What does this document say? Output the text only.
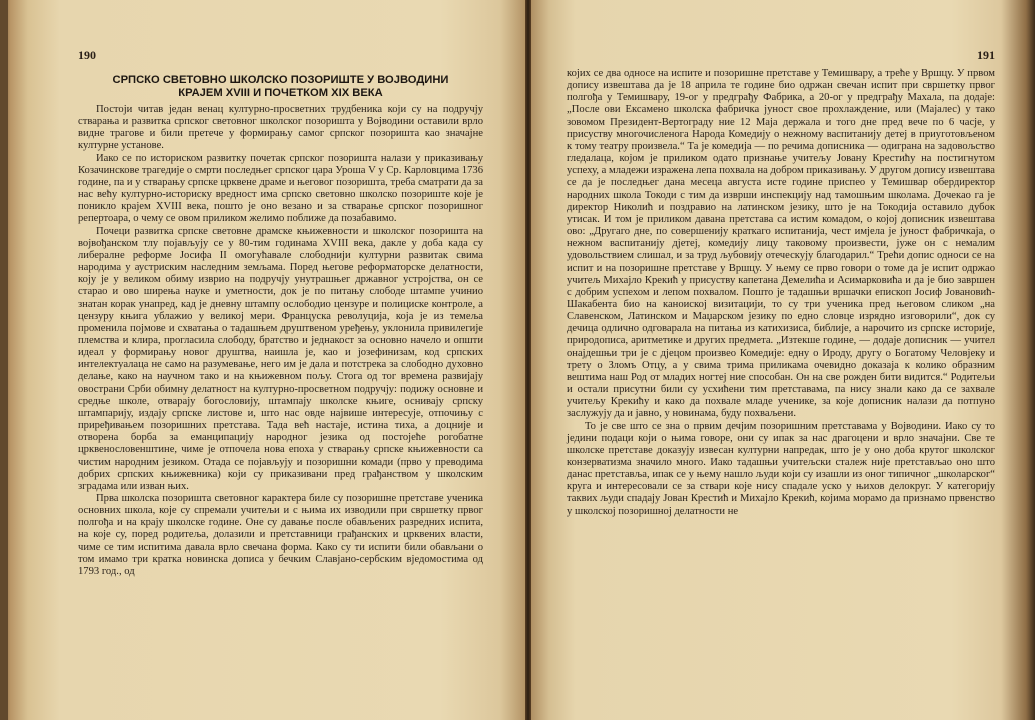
190
СРПСКО СВЕТОВНО ШКОЛСКО ПОЗОРИШТЕ У ВОЈВОДИНИ
КРАЈЕМ XVIII И ПОЧЕТКОМ XIX ВЕКА

Постоји читав један венац културно-просветних трудбеника који су на подручју стварања и развитка српског световног школског позоришта у Војводини оставили врло видне трагове и били претече у формирању самог српског позоришта као значајне културне установе.

Иако се по историском развитку почетак српског позоришта налази у приказивању Козачинскове трагедије о смрти последњег српског цара Уроша V у Ср. Карловцима 1736 године, па и у стварању српске црквене драме и његовог позоришта, треба сматрати да за нас већу културно-историску вредност има српско световно школско позориште које је поникло крајем XVIII века, пошто је оно везано и за стварање српског позоришног репертоара, о чему се овом приликом желимо поближе да позабавимо.

Почеци развитка српске световне драмске књижевности и школског позоришта на војвођанском тлу појављују се у 80-тим годинама XVIII века, дакле у доба када су либералне реформе Јосифа II омогућавале слободнији културни развитак свима народима у аустриским наследним земљама. Поред његове реформаторске делатности, коју је у великом обиму изврио на подручју унутрашњег државног устројства, он се старао и ово ширења науке и уметности, док је по питању слободе штампе учинио знатан корак унапред, кад је дневну штампу ослободио цензуре и полициске контроле, а цензуру књига ублажио у великој мери. Француска револуција, која је из темеља променила појмове и схватања о тадашњем друштвеном уређењу, уклонила привилегије племства и клира, прогласила слободу, братство и једнакост за основно начело и општи идеал у формирању новог друштва, наишла је, као и јозефинизам, код српских интелектуалаца не само на разумевање, него им је дала и потстрека за слободно духовно делање, како на научном тако и на књижевном пољу. Стога од тог времена развијају овострани Срби обимну делатност на културно-просветном подручју: подижу основне и средње школе, отварају богословију, штампају школске књиге, оснивају српску штампарију, издају српске листове и, што нас овде највише интересује, отпочињу с приређивањем позоришних претстава. Тада већ настаје, истина тиха, а доцније и отворена борба за еманципацију народног језика од постојеће рогобатне црквенословенштине, чиме је отпочела нова епоха у стварању српске књижевности са чистим народним језиком. Отада се појављују и позоришни комади (прво у преводима добрих српских књижевника) који су приказивани пред грађанством у школским зградама или изван њих.

Прва школска позоришта световног карактера биле су позоришне претставе ученика основних школа, које су спремали учитељи и с њима их изводили при свршетку првог полгођа и на крају школске године. Оне су давање после обављених разредних испита, на које су, поред родитеља, долазили и претставници грађанских и црквених власти, чиме се тим испитима давала врло свечана форма. Како су ти испити били обављани о том имамо три кратка новинска дописа у бечким Славјано-сербским вједомостима од 1793 год., од

191

којих се два односе на испите и позоришне претставе у Темишвару, а треће у Вршцу. У првом допису извештава да је 18 априла те године био одржан свечан испит при свршетку првог полгођа у Темишвару, 19-ог у предграђу Фабрика, а 20-ог у предграђу Махала, па додаје: „После ови Ексамено школска фабричка јуност свое прохлаждение, или (Мајалес) у тако зовомом Президент-Вертограду ние 12 Маја держала и того дне пред вече по 6 часје, у присуству многочисленога Народа Комедију о нежному васпитанију детеј в приуготовљеном к тому театру произвела.“ Та је комедија — по речима дописника — одиграна на задовољство гледалаца, којом је приликом одато признање учитељу Јовану Крестићу на постигнутом успеху, а младежи изражена лепа похвала на добром приказивању. У другом допису извештава се да је последњег дана месеца августа исте године приспео у Темишвар обердиректор народних школа Токоди с тим да изврши инспекцију над тамошњим школама. Дочекао га је директор Николић и поздравио на латинском језику, што је на Токодија оставило дубок утисак. И том је приликом давана претстава са истим комадом, о којој дописник извештава ово: „Другаго дне, по совершенију краткаго испитанија, чест имјела је јуност фабричкаја, о нежном васпитанију дјетеј, комедију лицу таковому произвести, јуже он с немалим удовольствием слишал, и за труд љубовију отеческују благодарил.“ Трећи допис односи се на испит и на позоришне претставе у Вршцу. У њему се прво говори о томе да је испит одржао учитељ Михајло Крекић у присуству капетана Демелића и Асимарковића и да је био завршен с добрим успехом и лепом похвалом. Пошто је тадашњи вршачки епископ Јосиф Јовановић-Шакабента био на каноиској визитацији, то су три ученика пред његовом сликом „на Славенском, Латинском и Маџарском језику по едно словце изрядно изговорили“, док су дечица одлично одговарала на питања из катихизиса, библије, а нарочито из српске историје, природописа, аритметике и других предмета. „Изтекше године, — додаје дописник — учител онајдешњи три је с дјецом произвео Комедије: едну о Ироду, другу о Богатому Человјеку и трету о Зломъ Отцу, а у свима трима приликама очевидно доказаја к колико образним вештима наш Род от младих ногтеј ние способан. Он на све рожден бити видится.“ Родитељи и остали присутни били су усхићени тим претставама, па нису знали како да се захвале учитељу Крекићу и како да похвале младе ученике, за које дописник налази да потпуно заслужују да и јавно, у новинама, буду похваљени.

То је све што се зна о првим дечјим позоришним претставама у Војводини. Иако су то једини подаци који о њима говоре, они су ипак за нас драгоцени и врло значајни. Све те школске претставе доказују извесан културни напредак, што је у оно доба крутог школског конзерватизма значило много. Иако тадашњи учитељски сталеж није претстављао оно што данас претставља, ипак се у њему нашло људи који су изашли из оног типичног „школарског“ круга и интересовали се за ствари које нису спадале уско у њихов делокруг. У категорију таквих људи спадају Јован Крестић и Михајло Крекић, којима морамо да признамо првенство у школској позоришној делатности не
